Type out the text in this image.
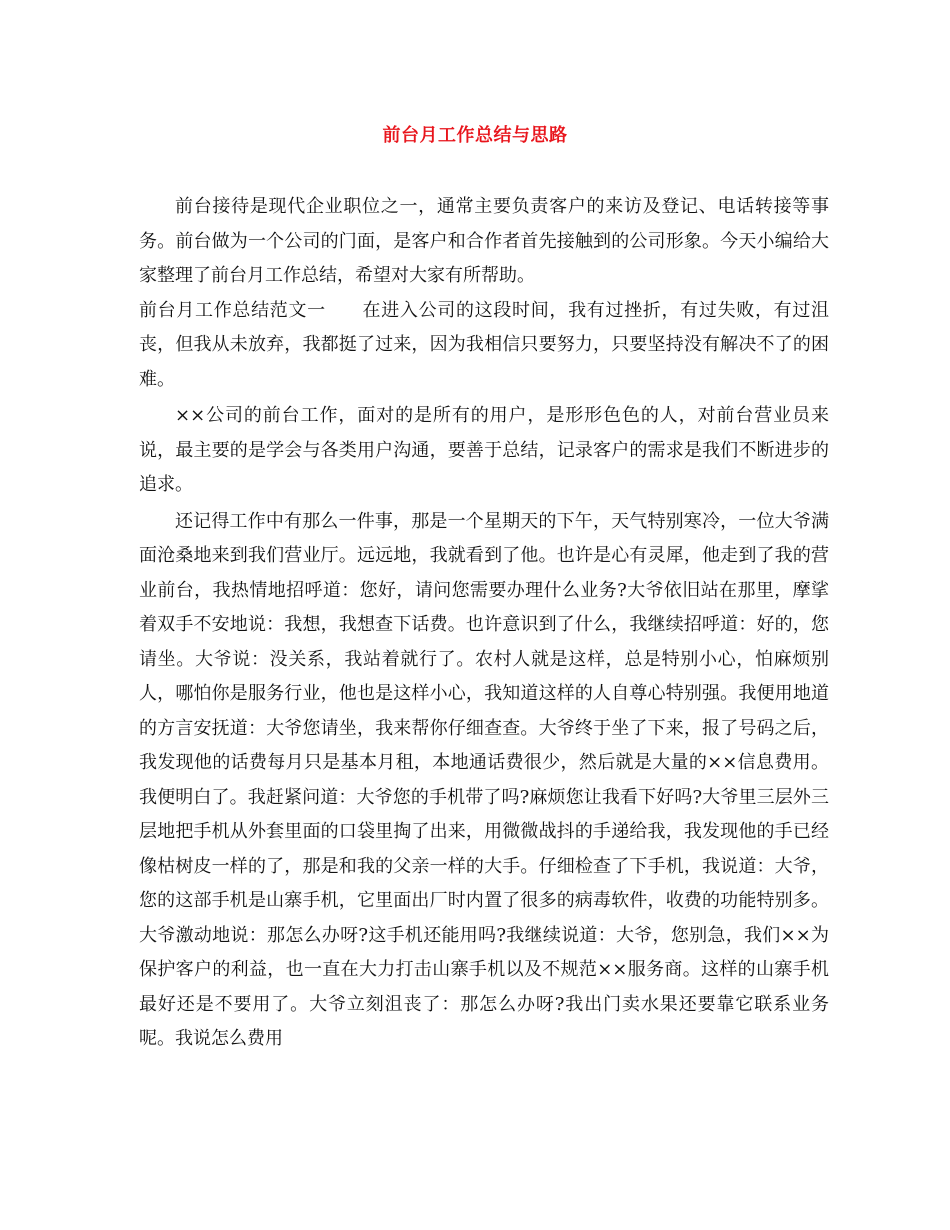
前台月工作总结与思路

前台接待是现代企业职位之一，通常主要负责客户的来访及登记、电话转接等事务。前台做为一个公司的门面，是客户和合作者首先接触到的公司形象。今天小编给大家整理了前台月工作总结，希望对大家有所帮助。

前台月工作总结范文一 在进入公司的这段时间，我有过挫折，有过失败，有过沮丧，但我从未放弃，我都挺了过来，因为我相信只要努力，只要坚持没有解决不了的困难。

××公司的前台工作，面对的是所有的用户，是形形色色的人，对前台营业员来说，最主要的是学会与各类用户沟通，要善于总结，记录客户的需求是我们不断进步的追求。

还记得工作中有那么一件事，那是一个星期天的下午，天气特别寒冷，一位大爷满面沧桑地来到我们营业厅。远远地，我就看到了他。也许是心有灵犀，他走到了我的营业前台，我热情地招呼道：您好，请问您需要办理什么业务?大爷依旧站在那里，摩挲着双手不安地说：我想，我想查下话费。也许意识到了什么，我继续招呼道：好的，您请坐。大爷说：没关系，我站着就行了。农村人就是这样，总是特别小心，怕麻烦别人，哪怕你是服务行业，他也是这样小心，我知道这样的人自尊心特别强。我便用地道的方言安抚道：大爷您请坐，我来帮你仔细查查。大爷终于坐了下来，报了号码之后，我发现他的话费每月只是基本月租，本地通话费很少，然后就是大量的××信息费用。我便明白了。我赶紧问道：大爷您的手机带了吗?麻烦您让我看下好吗?大爷里三层外三层地把手机从外套里面的口袋里掏了出来，用微微战抖的手递给我，我发现他的手已经像枯树皮一样的了，那是和我的父亲一样的大手。仔细检查了下手机，我说道：大爷，您的这部手机是山寨手机，它里面出厂时内置了很多的病毒软件，收费的功能特别多。大爷激动地说：那怎么办呀?这手机还能用吗?我继续说道：大爷，您别急，我们××为保护客户的利益，也一直在大力打击山寨手机以及不规范××服务商。这样的山寨手机最好还是不要用了。大爷立刻沮丧了：那怎么办呀?我出门卖水果还要靠它联系业务呢。我说怎么费用
